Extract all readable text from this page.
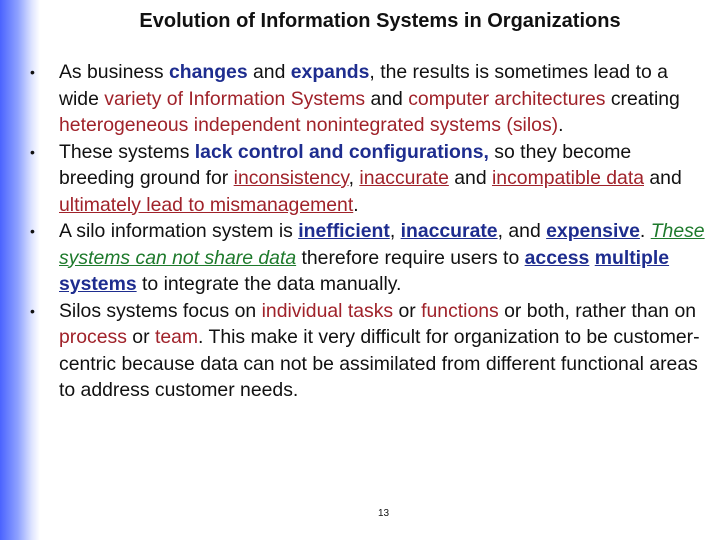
Evolution of Information Systems in Organizations
• As business changes and expands, the results is sometimes lead to a wide variety of Information Systems and computer architectures creating heterogeneous independent nonintegrated systems (silos).
• These systems lack control and configurations, so they become breeding ground for inconsistency, inaccurate and incompatible data and ultimately lead to mismanagement.
• A silo information system is inefficient, inaccurate, and expensive. These systems can not share data therefore require users to access multiple systems to integrate the data manually.
• Silos systems focus on individual tasks or functions or both, rather than on process or team. This make it very difficult for organization to be customer-centric because data can not be assimilated from different functional areas to address customer needs.
13
